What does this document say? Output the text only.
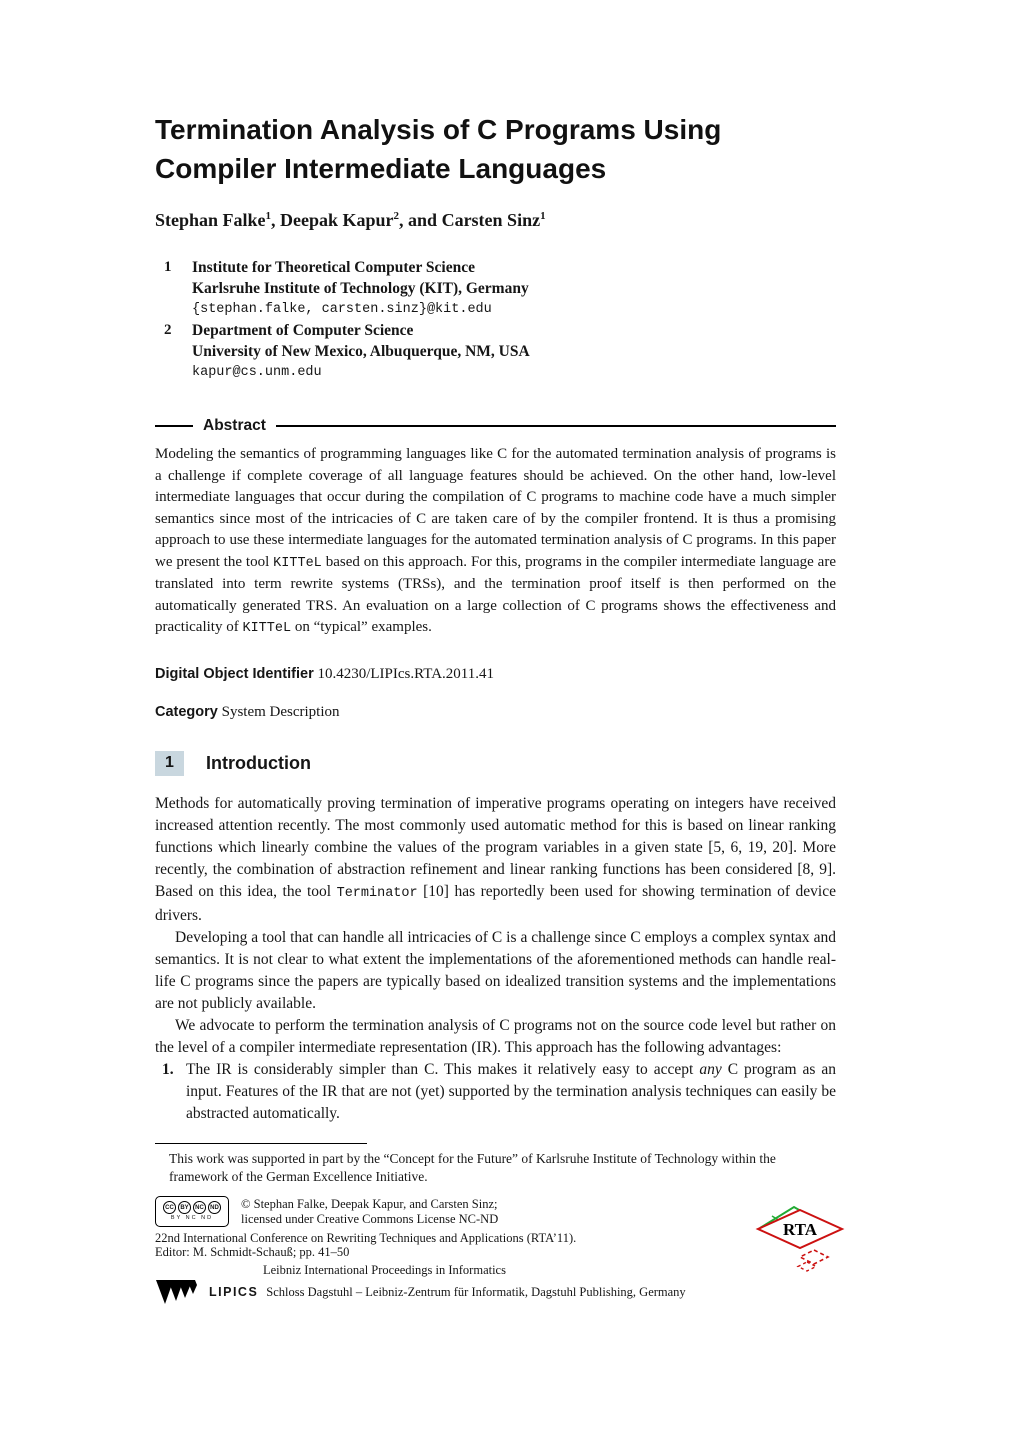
Termination Analysis of C Programs Using
Compiler Intermediate Languages
Stephan Falke$^1$, Deepak Kapur$^2$, and Carsten Sinz$^1$
1	Institute for Theoretical Computer Science
Karlsruhe Institute of Technology (KIT), Germany
{stephan.falke, carsten.sinz}@kit.edu
2	Department of Computer Science
University of New Mexico, Albuquerque, NM, USA
kapur@cs.unm.edu
Abstract

Modeling the semantics of programming languages like C for the automated termination analysis of programs is a challenge if complete coverage of all language features should be achieved. On the other hand, low-level intermediate languages that occur during the compilation of C programs to machine code have a much simpler semantics since most of the intricacies of C are taken care of by the compiler frontend. It is thus a promising approach to use these intermediate languages for the automated termination analysis of C programs. In this paper we present the tool KITTeL based on this approach. For this, programs in the compiler intermediate language are translated into term rewrite systems (TRSs), and the termination proof itself is then performed on the automatically generated TRS. An evaluation on a large collection of C programs shows the effectiveness and practicality of KITTeL on “typical” examples.

Digital Object Identifier 10.4230/LIPIcs.RTA.2011.41
Category System Description
1	Introduction

Methods for automatically proving termination of imperative programs operating on integers have received increased attention recently. The most commonly used automatic method for this is based on linear ranking functions which linearly combine the values of the program variables in a given state [5, 6, 19, 20]. More recently, the combination of abstraction refinement and linear ranking functions has been considered [8, 9]. Based on this idea, the tool Terminator [10] has reportedly been used for showing termination of device drivers.

Developing a tool that can handle all intricacies of C is a challenge since C employs a complex syntax and semantics. It is not clear to what extent the implementations of the aforementioned methods can handle real-life C programs since the papers are typically based on idealized transition systems and the implementations are not publicly available.

We advocate to perform the termination analysis of C programs not on the source code level but rather on the level of a compiler intermediate representation (IR). This approach has the following advantages:

1. The IR is considerably simpler than C. This makes it relatively easy to accept any C program as an input. Features of the IR that are not (yet) supported by the termination analysis techniques can easily be abstracted automatically.
This work was supported in part by the “Concept for the Future” of Karlsruhe Institute of Technology within the framework of the German Excellence Initiative.
CC	BY	NC	ND
BY NC ND
© Stephan Falke, Deepak Kapur, and Carsten Sinz;
licensed under Creative Commons License NC-ND
22nd International Conference on Rewriting Techniques and Applications (RTA’11).
Editor: M. Schmidt-Schauß; pp. 41–50
Leibniz International Proceedings in Informatics
LIPICS Schloss Dagstuhl – Leibniz-Zentrum für Informatik, Dagstuhl Publishing, Germany
RTA
